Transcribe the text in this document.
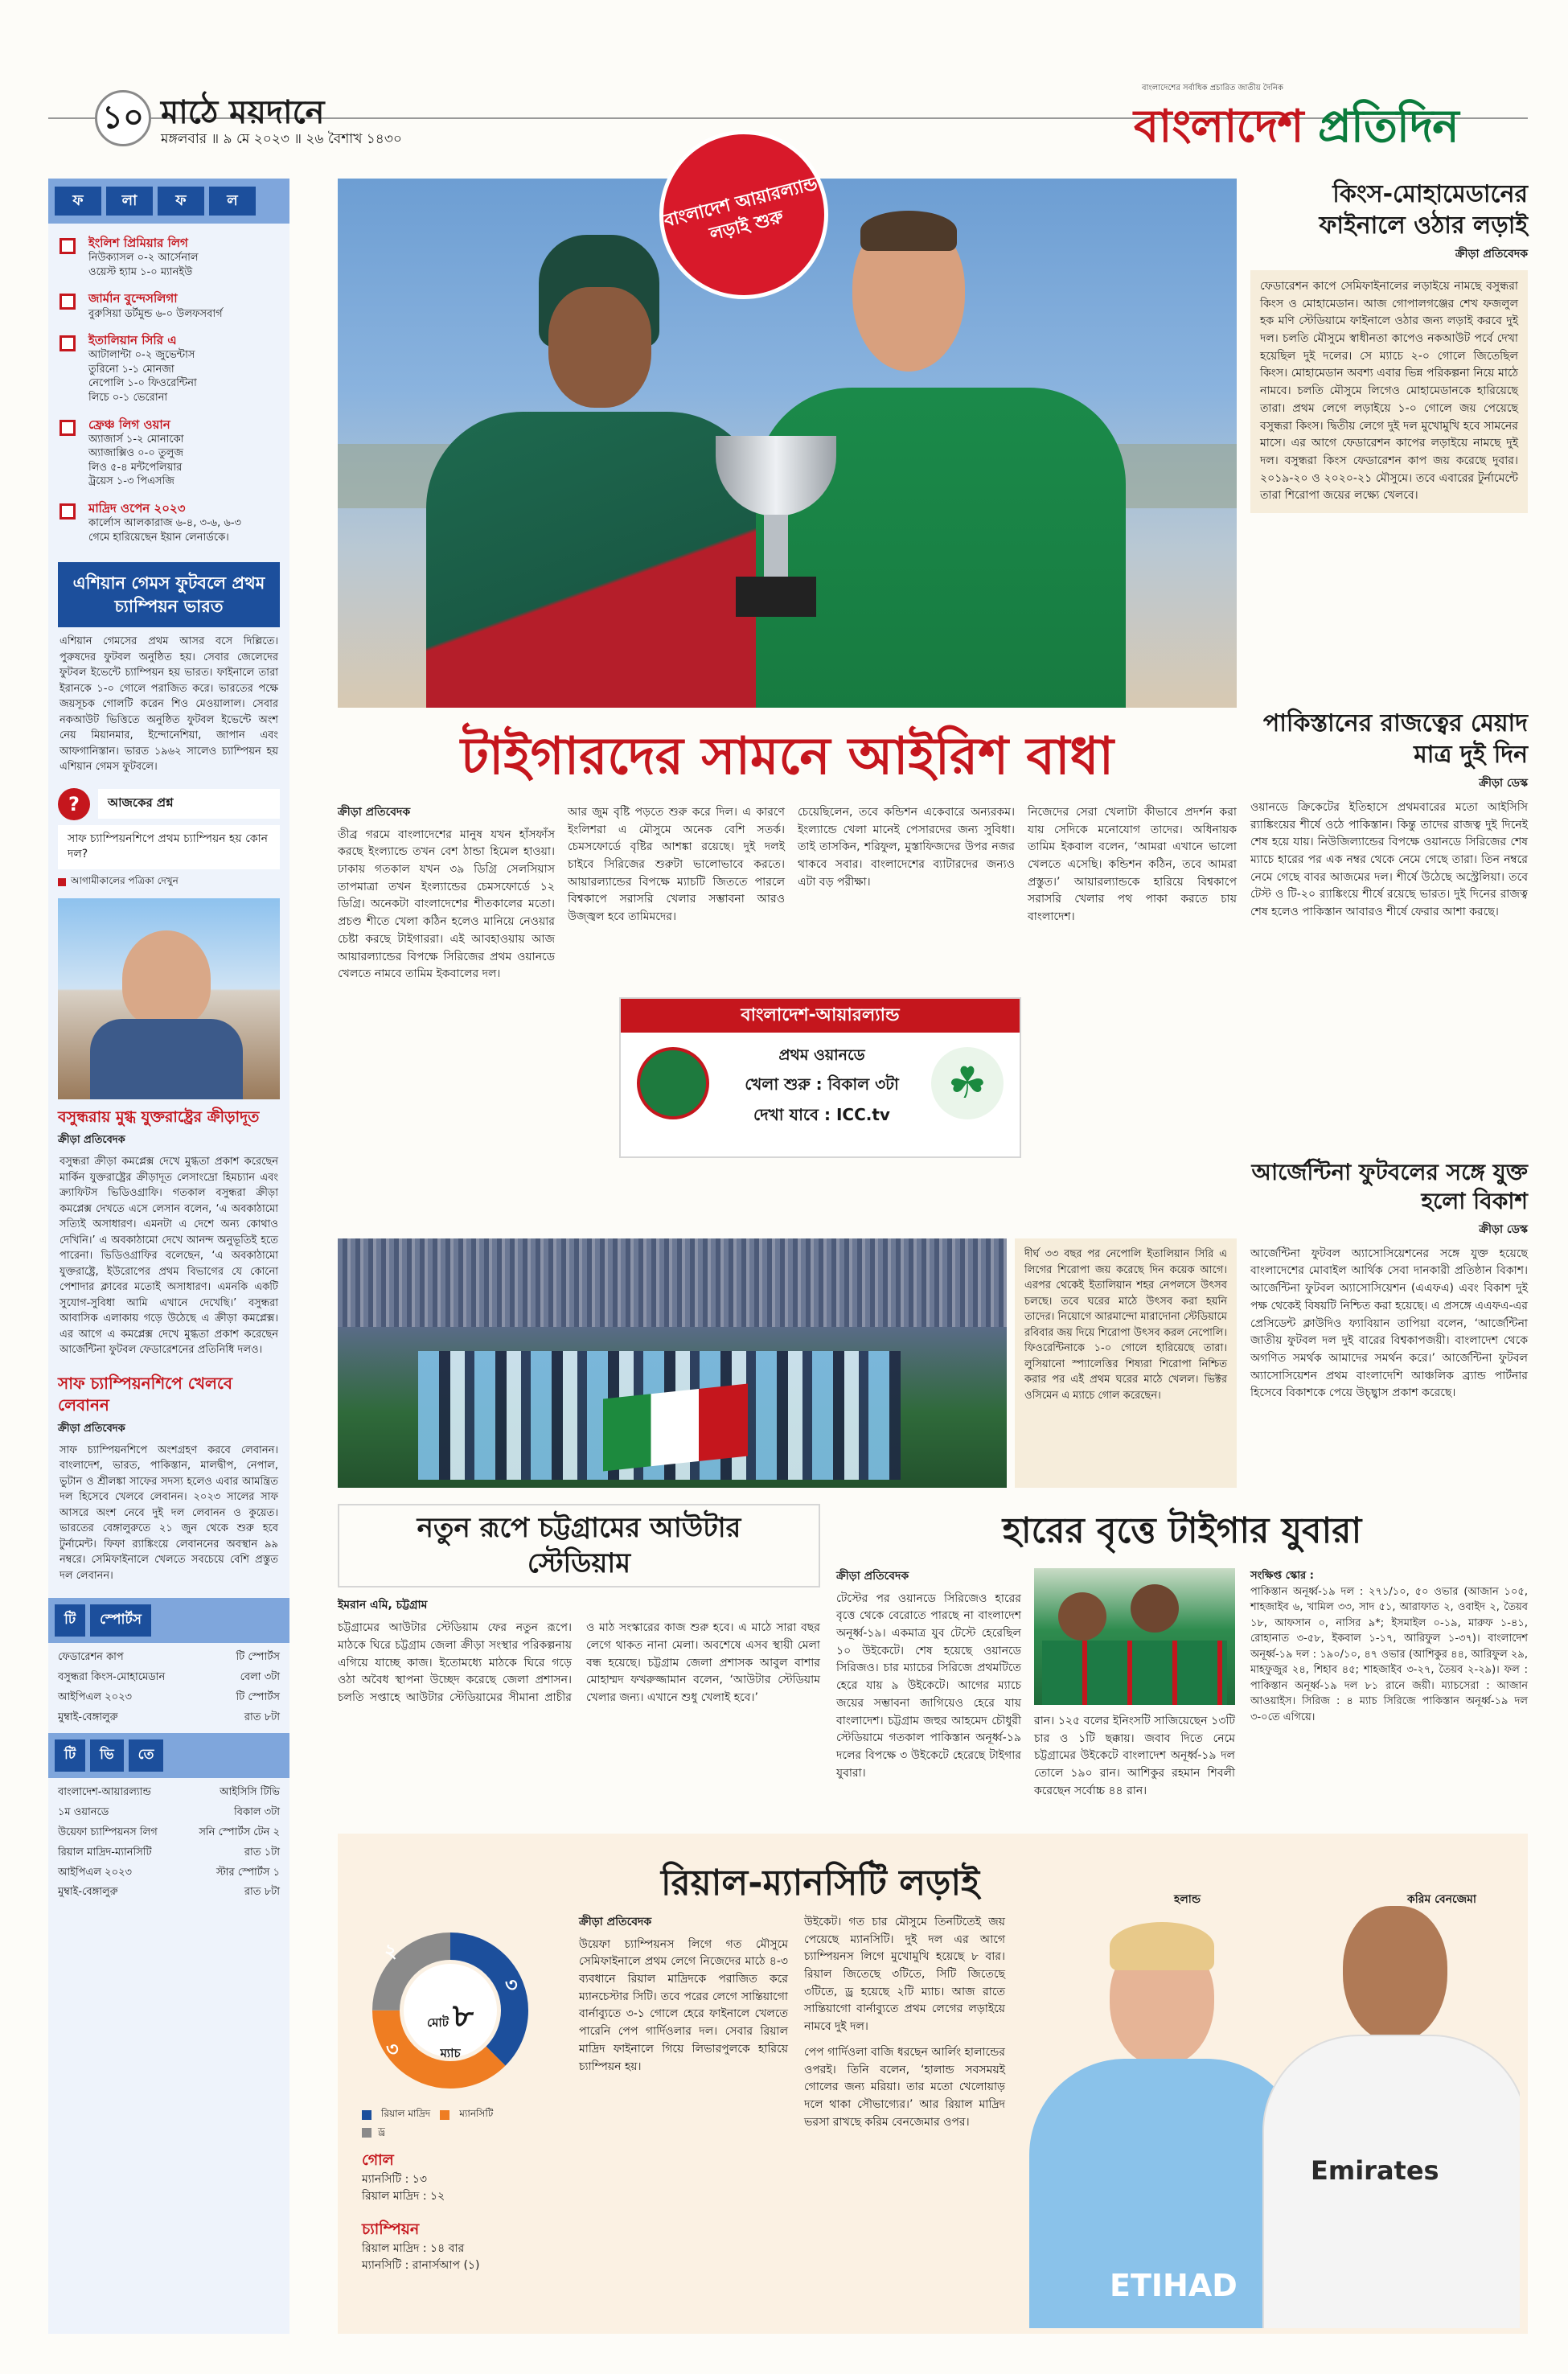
১০ মাঠে ময়দানে
মঙ্গলবার ॥ ৯ মে ২০২৩ ॥ ২৬ বৈশাখ ১৪৩০
বাংলাদেশের সর্বাধিক প্রচারিত জাতীয় দৈনিক
বাংলাদেশ প্রতিদিন
ফ	লা	ফ	ল
ইংলিশ প্রিমিয়ার লিগ
নিউক্যাসল ০-২ আর্সেনাল
ওয়েস্ট হ্যাম ১-০ ম্যানইউ
জার্মান বুন্দেসলিগা
বুরুসিয়া ডর্টমুন্ড ৬-০ উলফসবার্গ
ইতালিয়ান সিরি এ
আটালান্টা ০-২ জুভেন্টাস
তুরিনো ১-১ মোনজা
নেপোলি ১-০ ফিওরেন্টিনা
লিচে ০-১ ভেরোনা
ফ্রেঞ্চ লিগ ওয়ান
অ্যাজার্স ১-২ মোনাকো
অ্যাজাক্সিও ০-০ তুলুজ
লিও ৫-৪ মন্টপেলিয়ার
ট্রয়েস ১-৩ পিএসজি
মাদ্রিদ ওপেন ২০২৩
কার্লোস আলকারাজ ৬-৪, ৩-৬, ৬-৩
গেমে হারিয়েছেন ইয়ান লেনার্ডকে।
এশিয়ান গেমস ফুটবলে প্রথম চ্যাম্পিয়ন ভারত
এশিয়ান গেমসের প্রথম আসর বসে দিল্লিতে। পুরুষদের ফুটবল অনুষ্ঠিত হয়। সেবার জেলেদের ফুটবল ইভেন্টে চ্যাম্পিয়ন হয় ভারত। ফাইনালে তারা ইরানকে ১-০ গোলে পরাজিত করে। ভারতের পক্ষে জয়সূচক গোলটি করেন শিও মেওয়ালাল। সেবার নকআউট ভিত্তিতে অনুষ্ঠিত ফুটবল ইভেন্টে অংশ নেয় মিয়ানমার, ইন্দোনেশিয়া, জাপান এবং আফগানিস্তান। ভারত ১৯৬২ সালেও চ্যাম্পিয়ন হয় এশিয়ান গেমস ফুটবলে।
?	আজকের প্রশ্ন
সাফ চ্যাম্পিয়নশিপে প্রথম চ্যাম্পিয়ন হয় কোন দল?
আগামীকালের পত্রিকা দেখুন
বসুন্ধরায় মুগ্ধ যুক্তরাষ্ট্রের ক্রীড়াদূত
ক্রীড়া প্রতিবেদক
বসুন্ধরা ক্রীড়া কমপ্লেক্স দেখে মুগ্ধতা প্রকাশ করেছেন মার্কিন যুক্তরাষ্ট্রের ক্রীড়াদূত লেসাংদ্রো হিমচ্যান এবং ক্র্যাফিটস ভিডিওগ্রাফি। গতকাল বসুন্ধরা ক্রীড়া কমপ্লেক্স দেখতে এসে লেসান বলেন, ‘এ অবকাঠামো সত্যিই অসাধারণ। এমনটা এ দেশে অন্য কোথাও দেখিনি।’ এ অবকাঠামো দেখে আনন্দ অনুভূতিই হতে পারেনা। ভিডিওগ্রাফির বলেছেন, ‘এ অবকাঠামো যুক্তরাষ্ট্রে, ইউরোপের প্রথম বিভাগের যে কোনো পেশাদার ক্লাবের মতোই অসাধারণ। এমনকি একটি সুযোগ-সুবিধা আমি এখানে দেখেছি।’ বসুন্ধরা আবাসিক এলাকায় গড়ে উঠেছে এ ক্রীড়া কমপ্লেক্স। এর আগে এ কমপ্লেক্স দেখে মুগ্ধতা প্রকাশ করেছেন আর্জেন্টিনা ফুটবল ফেডারেশনের প্রতিনিধি দলও।
সাফ চ্যাম্পিয়নশিপে খেলবে লেবানন
ক্রীড়া প্রতিবেদক
সাফ চ্যাম্পিয়নশিপে অংশগ্রহণ করবে লেবানন। বাংলাদেশ, ভারত, পাকিস্তান, মালদ্বীপ, নেপাল, ভুটান ও শ্রীলঙ্কা সাফের সদস্য হলেও এবার আমন্ত্রিত দল হিসেবে খেলবে লেবানন। ২০২৩ সালের সাফ আসরে অংশ নেবে দুই দল লেবানন ও কুয়েত। ভারতের বেঙ্গালুরুতে ২১ জুন থেকে শুরু হবে টুর্নামেন্ট। ফিফা র‍্যাঙ্কিংয়ে লেবাননের অবস্থান ৯৯ নম্বরে। সেমিফাইনালে খেলতে সবচেয়ে বেশি প্রস্তুত দল লেবানন।
টি	স্পোর্টস
ফেডারেশন কাপ	টি স্পোর্টস
বসুন্ধরা কিংস-মোহামেডান	বেলা ৩টা
আইপিএল ২০২৩	টি স্পোর্টস
মুম্বাই-বেঙ্গালুরু	রাত ৮টা
টি	ভি	তে
বাংলাদেশ-আয়ারল্যান্ড	আইসিসি টিভি
১ম ওয়ানডে	বিকাল ৩টা
উয়েফা চ্যাম্পিয়নস লিগ	সনি স্পোর্টস টেন ২
রিয়াল মাদ্রিদ-ম্যানসিটি	রাত ১টা
আইপিএল ২০২৩	স্টার স্পোর্টস ১
মুম্বাই-বেঙ্গালুরু	রাত ৮টা
বাংলাদেশ আয়ারল্যান্ড লড়াই শুরু
টাইগারদের সামনে আইরিশ বাধা
ক্রীড়া প্রতিবেদক
তীব্র গরমে বাংলাদেশের মানুষ যখন হাঁসফাঁস করছে ইংল্যান্ডে তখন বেশ ঠান্ডা হিমেল হাওয়া। ঢাকায় গতকাল যখন ৩৯ ডিগ্রি সেলসিয়াস তাপমাত্রা তখন ইংল্যান্ডের চেমসফোর্ডে ১২ ডিগ্রি। অনেকটা বাংলাদেশের শীতকালের মতো। প্রচণ্ড শীতে খেলা কঠিন হলেও মানিয়ে নেওয়ার চেষ্টা করছে টাইগাররা। এই আবহাওয়ায় আজ আয়ারল্যান্ডের বিপক্ষে সিরিজের প্রথম ওয়ানডে খেলতে নামবে তামিম ইকবালের দল।
আর জুম বৃষ্টি পড়তে শুরু করে দিল। এ কারণে ইংলিশরা এ মৌসুমে অনেক বেশি সতর্ক। চেমসফোর্ডে বৃষ্টির আশঙ্কা রয়েছে। দুই দলই চাইবে সিরিজের শুরুটা ভালোভাবে করতে। আয়ারল্যান্ডের বিপক্ষে ম্যাচটি জিততে পারলে বিশ্বকাপে সরাসরি খেলার সম্ভাবনা আরও উজ্জ্বল হবে তামিমদের।
চেয়েছিলেন, তবে কন্ডিশন একেবারে অন্যরকম। ইংল্যান্ডে খেলা মানেই পেসারদের জন্য সুবিধা। তাই তাসকিন, শরিফুল, মুস্তাফিজদের উপর নজর থাকবে সবার। বাংলাদেশের ব্যাটারদের জন্যও এটা বড় পরীক্ষা।
নিজেদের সেরা খেলাটা কীভাবে প্রদর্শন করা যায় সেদিকে মনোযোগ তাদের। অধিনায়ক তামিম ইকবাল বলেন, ‘আমরা এখানে ভালো খেলতে এসেছি। কন্ডিশন কঠিন, তবে আমরা প্রস্তুত।’ আয়ারল্যান্ডকে হারিয়ে বিশ্বকাপে সরাসরি খেলার পথ পাকা করতে চায় বাংলাদেশ।
বাংলাদেশ-আয়ারল্যান্ড
☘
প্রথম ওয়ানডে
খেলা শুরু : বিকাল ৩টা
দেখা যাবে : ICC.tv
দীর্ঘ ৩৩ বছর পর নেপোলি ইতালিয়ান সিরি এ লিগের শিরোপা জয় করেছে দিন কয়েক আগে। এরপর থেকেই ইতালিয়ান শহর নেপলসে উৎসব চলছে। তবে ঘরের মাঠে উৎসব করা হয়নি তাদের। নিয়োগে আরমান্দো মারাদোনা স্টেডিয়ামে রবিবার জয় দিয়ে শিরোপা উৎসব করল নেপোলি। ফিওরেন্টিনাকে ১-০ গোলে হারিয়েছে তারা। লুসিয়ানো স্প্যালেত্তির শিষ্যরা শিরোপা নিশ্চিত করার পর এই প্রথম ঘরের মাঠে খেলল। ভিক্টর ওসিমেন এ ম্যাচে গোল করেছেন।
কিংস-মোহামেডানের ফাইনালে ওঠার লড়াই
ক্রীড়া প্রতিবেদক
ফেডারেশন কাপে সেমিফাইনালের লড়াইয়ে নামছে বসুন্ধরা কিংস ও মোহামেডান। আজ গোপালগঞ্জের শেখ ফজলুল হক মণি স্টেডিয়ামে ফাইনালে ওঠার জন্য লড়াই করবে দুই দল। চলতি মৌসুমে স্বাধীনতা কাপেও নকআউট পর্বে দেখা হয়েছিল দুই দলের। সে ম্যাচে ২-০ গোলে জিতেছিল কিংস। মোহামেডান অবশ্য এবার ভিন্ন পরিকল্পনা নিয়ে মাঠে নামবে। চলতি মৌসুমে লিগেও মোহামেডানকে হারিয়েছে তারা। প্রথম লেগে লড়াইয়ে ১-০ গোলে জয় পেয়েছে বসুন্ধরা কিংস। দ্বিতীয় লেগে দুই দল মুখোমুখি হবে সামনের মাসে। এর আগে ফেডারেশন কাপের লড়াইয়ে নামছে দুই দল। বসুন্ধরা কিংস ফেডারেশন কাপ জয় করেছে দুবার। ২০১৯-২০ ও ২০২০-২১ মৌসুমে। তবে এবারের টুর্নামেন্টে তারা শিরোপা জয়ের লক্ষ্যে খেলবে।
পাকিস্তানের রাজত্বের মেয়াদ মাত্র দুই দিন
ক্রীড়া ডেস্ক
ওয়ানডে ক্রিকেটের ইতিহাসে প্রথমবারের মতো আইসিসি র‍্যাঙ্কিংয়ের শীর্ষে ওঠে পাকিস্তান। কিন্তু তাদের রাজত্ব দুই দিনেই শেষ হয়ে যায়। নিউজিল্যান্ডের বিপক্ষে ওয়ানডে সিরিজের শেষ ম্যাচে হারের পর এক নম্বর থেকে নেমে গেছে তারা। তিন নম্বরে নেমে গেছে বাবর আজমের দল। শীর্ষে উঠেছে অস্ট্রেলিয়া। তবে টেস্ট ও টি-২০ র‍্যাঙ্কিংয়ে শীর্ষে রয়েছে ভারত। দুই দিনের রাজত্ব শেষ হলেও পাকিস্তান আবারও শীর্ষে ফেরার আশা করছে।
আর্জেন্টিনা ফুটবলের সঙ্গে যুক্ত হলো বিকাশ
ক্রীড়া ডেস্ক
আর্জেন্টিনা ফুটবল অ্যাসোসিয়েশনের সঙ্গে যুক্ত হয়েছে বাংলাদেশের মোবাইল আর্থিক সেবা দানকারী প্রতিষ্ঠান বিকাশ। আর্জেন্টিনা ফুটবল অ্যাসোসিয়েশন (এএফএ) এবং বিকাশ দুই পক্ষ থেকেই বিষয়টি নিশ্চিত করা হয়েছে। এ প্রসঙ্গে এএফএ-এর প্রেসিডেন্ট ক্লাউদিও ফ্যাবিয়ান তাপিয়া বলেন, ‘আর্জেন্টিনা জাতীয় ফুটবল দল দুই বারের বিশ্বকাপজয়ী। বাংলাদেশ থেকে অগণিত সমর্থক আমাদের সমর্থন করে।’ আর্জেন্টিনা ফুটবল অ্যাসোসিয়েশন প্রথম বাংলাদেশি আঞ্চলিক ব্র্যান্ড পার্টনার হিসেবে বিকাশকে পেয়ে উচ্ছ্বাস প্রকাশ করেছে।
নতুন রূপে চট্টগ্রামের আউটার স্টেডিয়াম
ইমরান এমি, চট্টগ্রাম
চট্টগ্রামের আউটার স্টেডিয়াম ফের নতুন রূপে। মাঠকে ঘিরে চট্টগ্রাম জেলা ক্রীড়া সংস্থার পরিকল্পনায় এগিয়ে যাচ্ছে কাজ। ইতোমধ্যে মাঠকে ঘিরে গড়ে ওঠা অবৈধ স্থাপনা উচ্ছেদ করেছে জেলা প্রশাসন। চলতি সপ্তাহে আউটার স্টেডিয়ামের সীমানা প্রাচীর ও মাঠ সংস্কারের কাজ শুরু হবে। এ মাঠে সারা বছর লেগে থাকত নানা মেলা। অবশেষে এসব স্থায়ী মেলা বন্ধ হয়েছে। চট্টগ্রাম জেলা প্রশাসক আবুল বাশার মোহাম্মদ ফখরুজ্জামান বলেন, ‘আউটার স্টেডিয়াম খেলার জন্য। এখানে শুধু খেলাই হবে।’
হারের বৃত্তে টাইগার যুবারা
ক্রীড়া প্রতিবেদক
টেস্টের পর ওয়ানডে সিরিজেও হারের বৃত্তে থেকে বেরোতে পারছে না বাংলাদেশ অনূর্ধ্ব-১৯। একমাত্র যুব টেস্টে হেরেছিল ১০ উইকেটে। শেষ হয়েছে ওয়ানডে সিরিজও। চার ম্যাচের সিরিজে প্রথমটিতে হেরে যায় ৯ উইকেটে। আগের ম্যাচে জয়ের সম্ভাবনা জাগিয়েও হেরে যায় বাংলাদেশ। চট্টগ্রাম জহুর আহমেদ চৌধুরী স্টেডিয়ামে গতকাল পাকিস্তান অনূর্ধ্ব-১৯ দলের বিপক্ষে ৩ উইকেটে হেরেছে টাইগার যুবারা।
রান। ১২৫ বলের ইনিংসটি সাজিয়েছেন ১৩টি চার ও ১টি ছক্কায়। জবাব দিতে নেমে চট্টগ্রামের উইকেটে বাংলাদেশ অনূর্ধ্ব-১৯ দল তোলে ১৯০ রান। আশিকুর রহমান শিবলী করেছেন সর্বোচ্চ ৪৪ রান।
সংক্ষিপ্ত স্কোর :
পাকিস্তান অনূর্ধ্ব-১৯ দল : ২৭১/১০, ৫০ ওভার (আজান ১০৫, শাহজাইব ৬, খামিল ৩৩, সাদ ৫১, আরাফাত ২, ওবাইদ ২, তৈয়ব ১৮, আফসান ০, নাসির ৯*; ইসমাইল ০-১৯, মারুফ ১-৪১, রোহানাত ৩-৫৮, ইকবাল ১-১৭, আরিফুল ১-৩৭)। বাংলাদেশ অনূর্ধ্ব-১৯ দল : ১৯০/১০, ৪৭ ওভার (আশিকুর ৪৪, আরিফুল ২৯, মাহফুজুর ২৪, শিহাব ৪৫; শাহজাইব ৩-২৭, তৈয়ব ২-২৯)। ফল : পাকিস্তান অনূর্ধ্ব-১৯ দল ৮১ রানে জয়ী। ম্যাচসেরা : আজান আওয়াইস। সিরিজ : ৪ ম্যাচ সিরিজে পাকিস্তান অনূর্ধ্ব-১৯ দল ৩-০তে এগিয়ে।
রিয়াল-ম্যানসিটি লড়াই
মোট ৮
ম্যাচ
৩
৩
২
রিয়াল মাদ্রিদ	ম্যানসিটি
ড্র
গোল
ম্যানসিটি : ১৩
রিয়াল মাদ্রিদ : ১২
চ্যাম্পিয়ন
রিয়াল মাদ্রিদ : ১৪ বার
ম্যানসিটি : রানার্সআপ (১)
ক্রীড়া প্রতিবেদক
উয়েফা চ্যাম্পিয়নস লিগে গত মৌসুমে সেমিফাইনালে প্রথম লেগে নিজেদের মাঠে ৪-৩ ব্যবধানে রিয়াল মাদ্রিদকে পরাজিত করে ম্যানচেস্টার সিটি। তবে পরের লেগে সান্তিয়াগো বার্নাব্যুতে ৩-১ গোলে হেরে ফাইনালে খেলতে পারেনি পেপ গার্দিওলার দল। সেবার রিয়াল মাদ্রিদ ফাইনালে গিয়ে লিভারপুলকে হারিয়ে চ্যাম্পিয়ন হয়।
উইকেট। গত চার মৌসুমে তিনটিতেই জয় পেয়েছে ম্যানসিটি। দুই দল এর আগে চ্যাম্পিয়নস লিগে মুখোমুখি হয়েছে ৮ বার। রিয়াল জিতেছে ৩টিতে, সিটি জিতেছে ৩টিতে, ড্র হয়েছে ২টি ম্যাচ। আজ রাতে সান্তিয়াগো বার্নাব্যুতে প্রথম লেগের লড়াইয়ে নামবে দুই দল।
পেপ গার্দিওলা বাজি ধরছেন আর্লিং হালান্ডের ওপরই। তিনি বলেন, ‘হালান্ড সবসময়ই গোলের জন্য মরিয়া। তার মতো খেলোয়াড় দলে থাকা সৌভাগ্যের।’ আর রিয়াল মাদ্রিদ ভরসা রাখছে করিম বেনজেমার ওপর।
ETIHAD
Emirates
হলান্ড	করিম বেনজেমা
